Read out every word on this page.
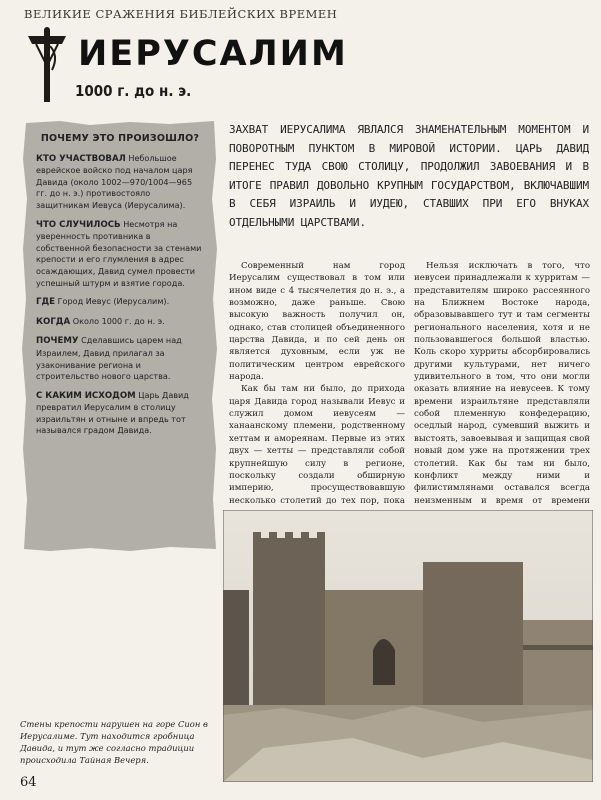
ВЕЛИКИЕ СРАЖЕНИЯ БИБЛЕЙСКИХ ВРЕМЕН
ИЕРУСАЛИМ
1000 г. до н. э.
ПОЧЕМУ ЭТО ПРОИЗОШЛО?

КТО УЧАСТВОВАЛ Небольшое еврейское войско под началом царя Давида (около 1002—970/1004—965 гг. до н. э.) противостояло защитникам Иевуса (Иерусалима).

ЧТО СЛУЧИЛОСЬ Несмотря на уверенность противника в собственной безопасности за стенами крепости и его глумления в адрес осаждающих, Давид сумел провести успешный штурм и взятие города.

ГДЕ Город Иевус (Иерусалим).

КОГДА Около 1000 г. до н. э.

ПОЧЕМУ Сделавшись царем над Израилем, Давид прилагал за узаконивание региона и строительство нового царства.

С КАКИМ ИСХОДОМ Царь Давид превратил Иерусалим в столицу израильтян и отныне и впредь тот назывался градом Давида.

ЗАХВАТ ИЕРУСАЛИМА ЯВЛАЛСЯ ЗНАМЕНАТЕЛЬНЫМ МОМЕНТОМ И ПОВОРОТНЫМ ПУНКТОМ В МИРОВОЙ ИСТОРИИ. ЦАРЬ ДАВИД ПЕРЕНЕС ТУДА СВОЮ СТОЛИЦУ, ПРОДОЛЖИЛ ЗАВОЕВАНИЯ И В ИТОГЕ ПРАВИЛ ДОВОЛЬНО КРУПНЫМ ГОСУДАРСТВОМ, ВКЛЮЧАВШИМ В СЕБЯ ИЗРАИЛЬ И ИУДЕЮ, СТАВШИХ ПРИ ЕГО ВНУКАХ ОТДЕЛЬНЫМИ ЦАРСТВАМИ.

Современный нам город Иерусалим существовал в том или ином виде с 4 тысячелетия до н. э., а возможно, даже раньше. Свою высокую важность получил он, однако, став столицей объединенного царства Давида, и по сей день он является духовным, если уж не политическим центром еврейского народа.

Как бы там ни было, до прихода царя Давида город называли Иевус и служил домом иевусеям — ханаанскому племени, родственному хеттам и амореянам. Первые из этих двух — хетты — представляли собой крупнейшую силу в регионе, поскольку создали обширную империю, просуществовавшую несколько столетий до тех пор, пока

Нельзя исключать в того, что иевусеи принадлежали к хурритам — представителям широко рассеянного на Ближнем Востоке народа, образовывавшего тут и там сегменты регионального населения, хотя и не пользовавшегося большой властью. Коль скоро хурриты абсорбировались другими культурами, нет ничего удивительного в том, что они могли оказать влияние на иевусеев. К тому времени израильтяне представляли собой племенную конфедерацию, оседлый народ, сумевший выжить и выстоять, завоевывая и защищая свой новый дом уже на протяжении трех столетий. Как бы там ни было, конфликт между ними и филистимлянами оставался всегда неизменным и время от времени

Стены крепости нарушен на горе Сион в Иерусалиме. Тут находится гробница Давида, и тут же согласно традиции происходила Тайная Вечеря.
64
